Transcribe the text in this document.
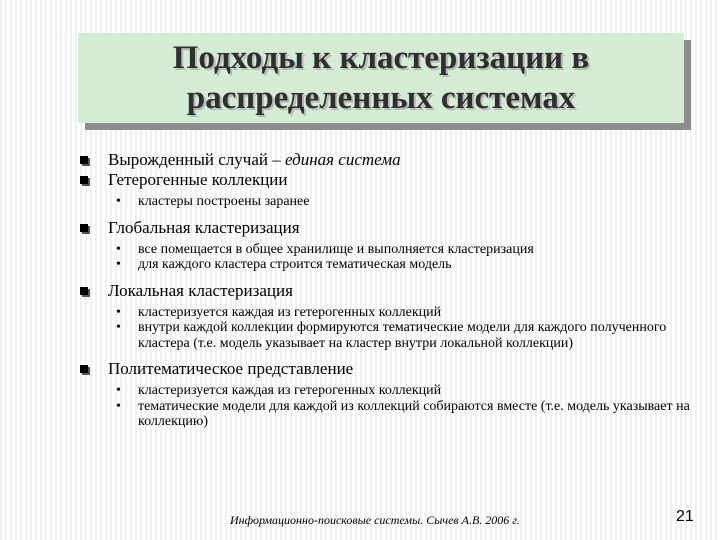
Подходы к кластеризации в
распределенных системах
Вырожденный случай – единая система
Гетерогенные коллекции
• кластеры построены заранее
Глобальная кластеризация
• все помещается в общее хранилище и выполняется кластеризация
• для каждого кластера строится тематическая модель
Локальная кластеризация
• кластеризуется каждая из гетерогенных коллекций
• внутри каждой коллекции формируются тематические модели для каждого полученного кластера (т.е. модель указывает на кластер внутри локальной коллекции)
Политематическое представление
• кластеризуется каждая из гетерогенных коллекций
• тематические модели для каждой из коллекций собираются вместе (т.е. модель указывает на коллекцию)
Информационно-поисковые системы. Сычев А.В. 2006 г.	21
